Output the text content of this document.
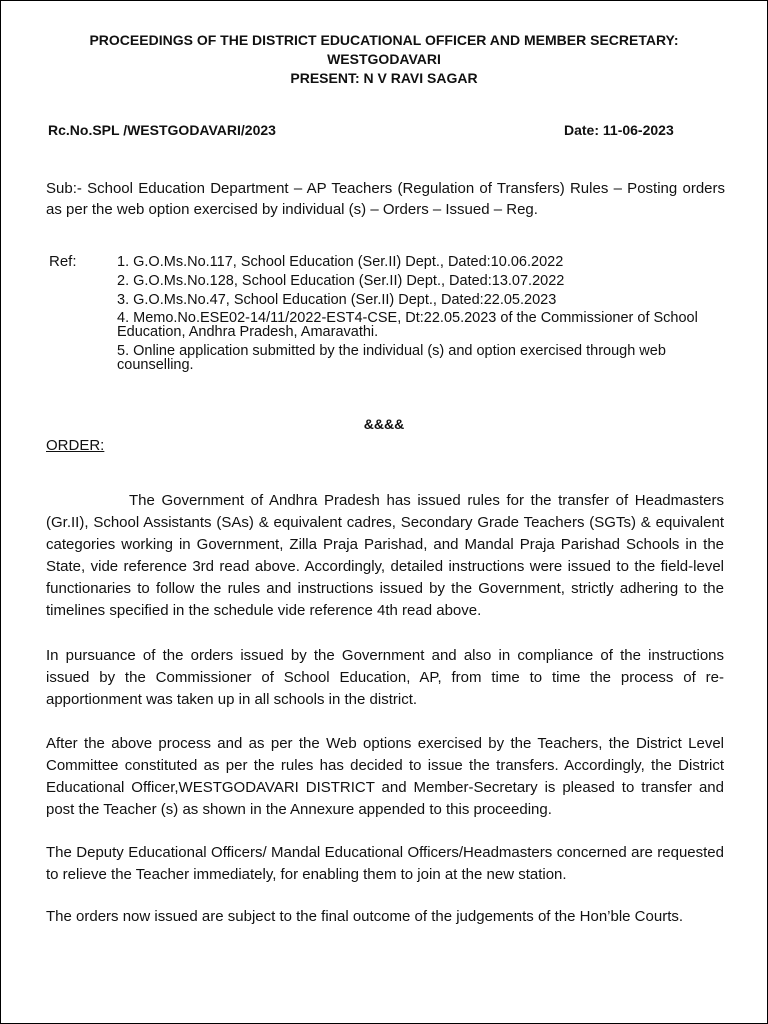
PROCEEDINGS OF THE DISTRICT EDUCATIONAL OFFICER AND MEMBER SECRETARY:
WESTGODAVARI
PRESENT: N V RAVI SAGAR
Rc.No.SPL /WESTGODAVARI/2023	Date: 11-06-2023
Sub:- School Education Department – AP Teachers (Regulation of Transfers) Rules – Posting orders as per the web option exercised by individual (s) – Orders – Issued – Reg.
Ref:	1. G.O.Ms.No.117, School Education (Ser.II) Dept., Dated:10.06.2022
2. G.O.Ms.No.128, School Education (Ser.II) Dept., Dated:13.07.2022
3. G.O.Ms.No.47, School Education (Ser.II) Dept., Dated:22.05.2023
4. Memo.No.ESE02-14/11/2022-EST4-CSE, Dt:22.05.2023 of the Commissioner of School Education, Andhra Pradesh, Amaravathi.
5. Online application submitted by the individual (s) and option exercised through web counselling.
&&&&
ORDER:

The Government of Andhra Pradesh has issued rules for the transfer of Headmasters (Gr.II), School Assistants (SAs) & equivalent cadres, Secondary Grade Teachers (SGTs) & equivalent categories working in Government, Zilla Praja Parishad, and Mandal Praja Parishad Schools in the State, vide reference 3rd read above. Accordingly, detailed instructions were issued to the field-level functionaries to follow the rules and instructions issued by the Government, strictly adhering to the timelines specified in the schedule vide reference 4th read above.

In pursuance of the orders issued by the Government and also in compliance of the instructions issued by the Commissioner of School Education, AP, from time to time the process of re-apportionment was taken up in all schools in the district.

After the above process and as per the Web options exercised by the Teachers, the District Level Committee constituted as per the rules has decided to issue the transfers. Accordingly, the District Educational Officer,WESTGODAVARI DISTRICT and Member-Secretary is pleased to transfer and post the Teacher (s) as shown in the Annexure appended to this proceeding.

The Deputy Educational Officers/ Mandal Educational Officers/Headmasters concerned are requested to relieve the Teacher immediately, for enabling them to join at the new station.

The orders now issued are subject to the final outcome of the judgements of the Hon’ble Courts.
